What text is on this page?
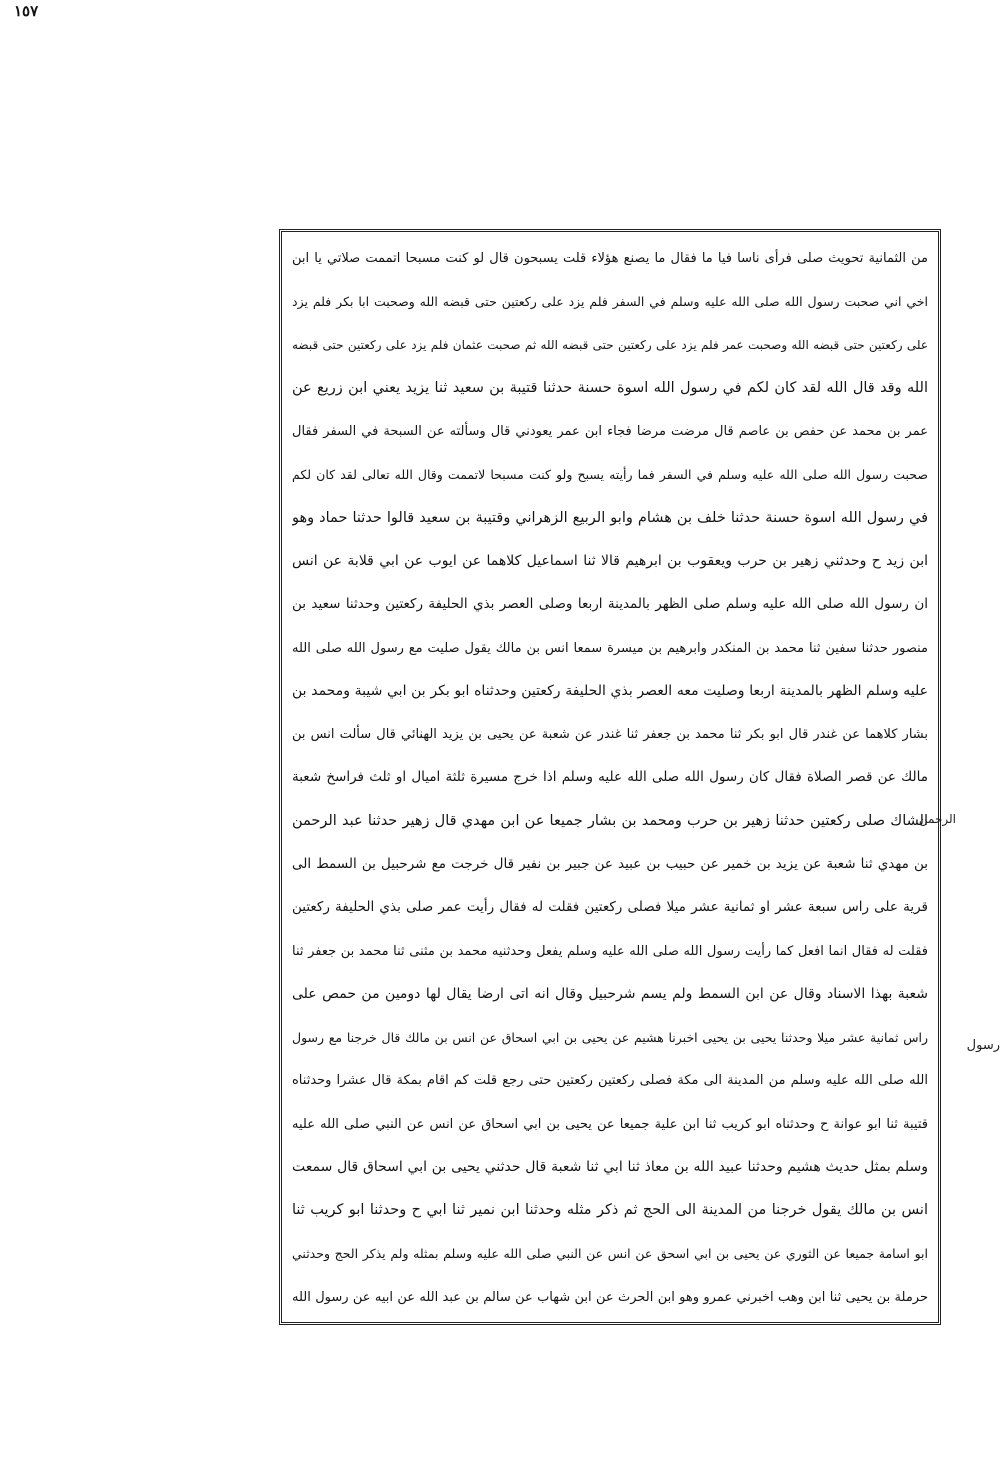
١٥٧
من الثمانية تحويث صلى فرأى ناسا فيا ما فقال ما يصنع هؤلاء قلت يسبحون قال لو كنت مسبحا اتممت صلاتي يا ابن
اخي اني صحبت رسول الله صلى الله عليه وسلم في السفر فلم يزد على ركعتين حتى قبضه الله وصحبت ابا بكر فلم يزد
على ركعتين حتى قبضه الله وصحبت عمر فلم يزد على ركعتين حتى قبضه الله ثم صحبت عثمان فلم يزد على ركعتين حتى قبضه
الله وقد قال الله لقد كان لكم في رسول الله اسوة حسنة حدثنا قتيبة بن سعيد ثنا يزيد يعني ابن زريع عن
عمر بن محمد عن حفص بن عاصم قال مرضت مرضا فجاء ابن عمر يعودني قال وسألته عن السبحة في السفر فقال
صحبت رسول الله صلى الله عليه وسلم في السفر فما رأيته يسبح ولو كنت مسبحا لاتممت وقال الله تعالى لقد كان لكم
في رسول الله اسوة حسنة حدثنا خلف بن هشام وابو الربيع الزهراني وقتيبة بن سعيد قالوا حدثنا حماد وهو
ابن زيد ح وحدثني زهير بن حرب ويعقوب بن ابرهيم قالا ثنا اسماعيل كلاهما عن ايوب عن ابي قلابة عن انس
ان رسول الله صلى الله عليه وسلم صلى الظهر بالمدينة اربعا وصلى العصر بذي الحليفة ركعتين وحدثنا سعيد بن
منصور حدثنا سفين ثنا محمد بن المنكدر وابرهيم بن ميسرة سمعا انس بن مالك يقول صليت مع رسول الله صلى الله
عليه وسلم الظهر بالمدينة اربعا وصليت معه العصر بذي الحليفة ركعتين وحدثناه ابو بكر بن ابي شيبة ومحمد بن
بشار كلاهما عن غندر قال ابو بكر ثنا محمد بن جعفر ثنا غندر عن شعبة عن يحيى بن يزيد الهنائي قال سألت انس بن
مالك عن قصر الصلاة فقال كان رسول الله صلى الله عليه وسلم اذا خرج مسيرة ثلثة اميال او ثلث فراسخ شعبة
الشاك صلى ركعتين حدثنا زهير بن حرب ومحمد بن بشار جميعا عن ابن مهدي قال زهير حدثنا عبد الرحمن
بن مهدي ثنا شعبة عن يزيد بن خمير عن حبيب بن عبيد عن جبير بن نفير قال خرجت مع شرحبيل بن السمط الى
قرية على راس سبعة عشر او ثمانية عشر ميلا فصلى ركعتين فقلت له فقال رأيت عمر صلى بذي الحليفة ركعتين
فقلت له فقال انما افعل كما رأيت رسول الله صلى الله عليه وسلم يفعل وحدثنيه محمد بن مثنى ثنا محمد بن جعفر ثنا
شعبة بهذا الاسناد وقال عن ابن السمط ولم يسم شرحبيل وقال انه اتى ارضا يقال لها دومين من حمص على
راس ثمانية عشر ميلا وحدثنا يحيى بن يحيى اخبرنا هشيم عن يحيى بن ابي اسحاق عن انس بن مالك قال خرجنا مع رسول
الله صلى الله عليه وسلم من المدينة الى مكة فصلى ركعتين ركعتين حتى رجع قلت كم اقام بمكة قال عشرا وحدثناه
قتيبة ثنا ابو عوانة ح وحدثناه ابو كريب ثنا ابن علية جميعا عن يحيى بن ابي اسحاق عن انس عن النبي صلى الله عليه
وسلم بمثل حديث هشيم وحدثنا عبيد الله بن معاذ ثنا ابي ثنا شعبة قال حدثني يحيى بن ابي اسحاق قال سمعت
انس بن مالك يقول خرجنا من المدينة الى الحج ثم ذكر مثله وحدثنا ابن نمير ثنا ابي ح وحدثنا ابو كريب ثنا
ابو اسامة جميعا عن الثوري عن يحيى بن ابي اسحق عن انس عن النبي صلى الله عليه وسلم بمثله ولم يذكر الحج وحدثني
حرملة بن يحيى ثنا ابن وهب اخبرني عمرو وهو ابن الحرث عن ابن شهاب عن سالم بن عبد الله عن ابيه عن رسول الله
الرحمن
رسول
